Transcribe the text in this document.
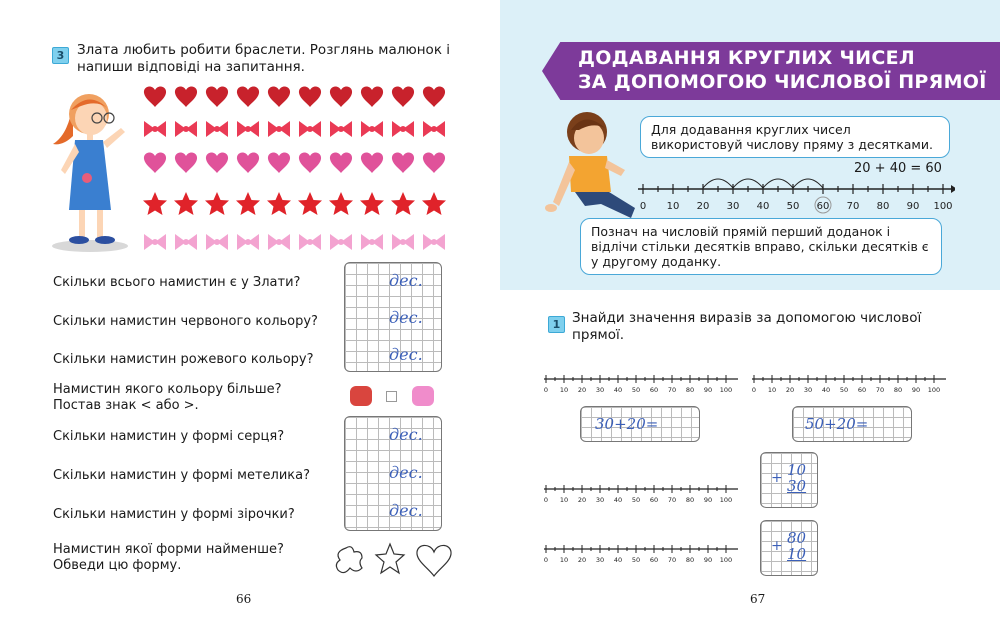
3 Злата любить робити браслети. Розглянь малюнок і
напиши відповіді на запитання.
Скільки всього намистин є у Злати?
Скільки намистин червоного кольору?
Скільки намистин рожевого кольору?
дес.
дес.
дес.
Намистин якого кольору більше?
Постав знак < або >.
Скільки намистин у формі серця?
Скільки намистин у формі метелика?
Скільки намистин у формі зірочки?
дес.
дес.
дес.
Намистин якої форми найменше?
Обведи цю форму.
66
ДОДАВАННЯ КРУГЛИХ ЧИСЕЛ
ЗА ДОПОМОГОЮ ЧИСЛОВОЇ ПРЯМОЇ
Для додавання круглих чисел
використовуй числову пряму з десятками.
20 + 40 = 60
0 10 20 30 40 50 60 70 80 90 100
Познач на числовій прямій перший доданок і
відлічи стільки десятків вправо, скільки десятків є
у другому доданку.
1 Знайди значення виразів за допомогою числової
прямої.
0 10 20 30 40 50 60 70 80 90 100	0 10 20 30 40 50 60 70 80 90 100
30+20=	50+20=
0 10 20 30 40 50 60 70 80 90 100
+ 10
30
0 10 20 30 40 50 60 70 80 90 100
+ 80
10
67
